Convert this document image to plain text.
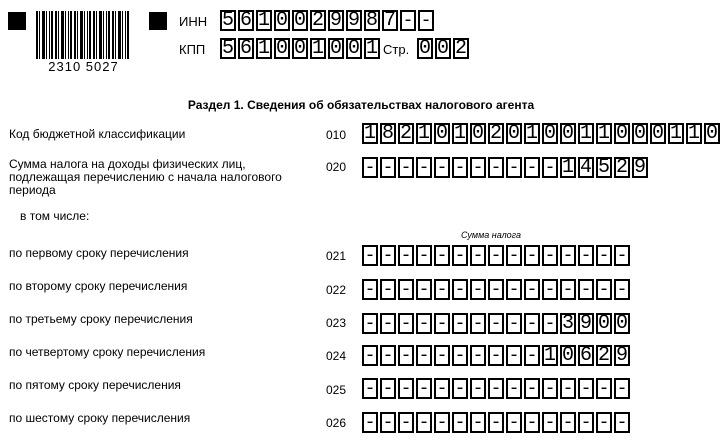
2310 5027
ИНН 5 6 1 0 0 2 9 9 8 7 - -
КПП 5 6 1 0 0 1 0 0 1 Стр. 0 0 2
Раздел 1. Сведения об обязательствах налогового агента
Код бюджетной классификации	010 1 8 2 1 0 1 0 2 0 1 0 0 1 1 0 0 0 1 1 0
Сумма налога на доходы физических лиц, подлежащая перечислению с начала налогового периода
020 - - - - - - - - - - - 1 4 5 2 9
в том числе:
Сумма налога
по первому сроку перечисления	021 - - - - - - - - - - - - - - -
по второму сроку перечисления	022 - - - - - - - - - - - - - - -
по третьему сроку перечисления	023 - - - - - - - - - - - 3 9 0 0
по четвертому сроку перечисления	024 - - - - - - - - - - 1 0 6 2 9
по пятому сроку перечисления	025 - - - - - - - - - - - - - - -
по шестому сроку перечисления	026 - - - - - - - - - - - - - - -
